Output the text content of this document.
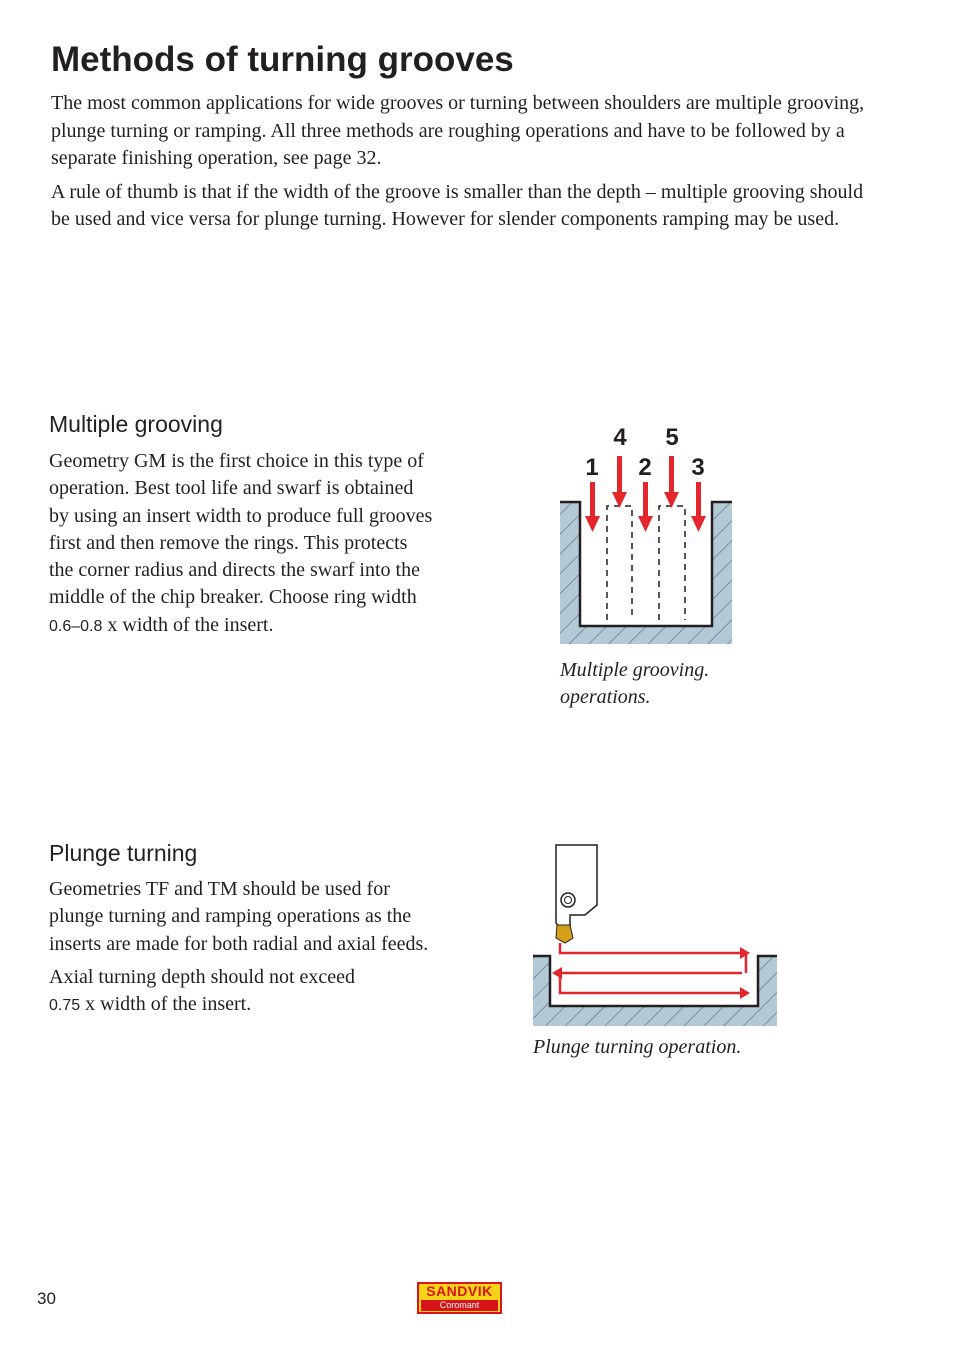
Methods of turning grooves

The most common applications for wide grooves or turning between shoulders are multiple grooving, plunge turning or ramping. All three methods are roughing operations and have to be followed by a separate finishing operation, see page 32.

A rule of thumb is that if the width of the groove is smaller than the depth – multiple grooving should be used and vice versa for plunge turning. However for slender components ramping may be used.

Multiple grooving

Geometry GM is the first choice in this type of operation. Best tool life and swarf is obtained by using an insert width to produce full grooves first and then remove the rings. This protects the corner radius and directs the swarf into the middle of the chip breaker. Choose ring width 0.6–0.8 x width of the insert.

1 2 3
4 5
Multiple grooving.
operations.
Plunge turning

Geometries TF and TM should be used for plunge turning and ramping operations as the inserts are made for both radial and axial feeds.

Axial turning depth should not exceed
0.75 x width of the insert.

Plunge turning operation.
30	SANDVIK
Coromant
